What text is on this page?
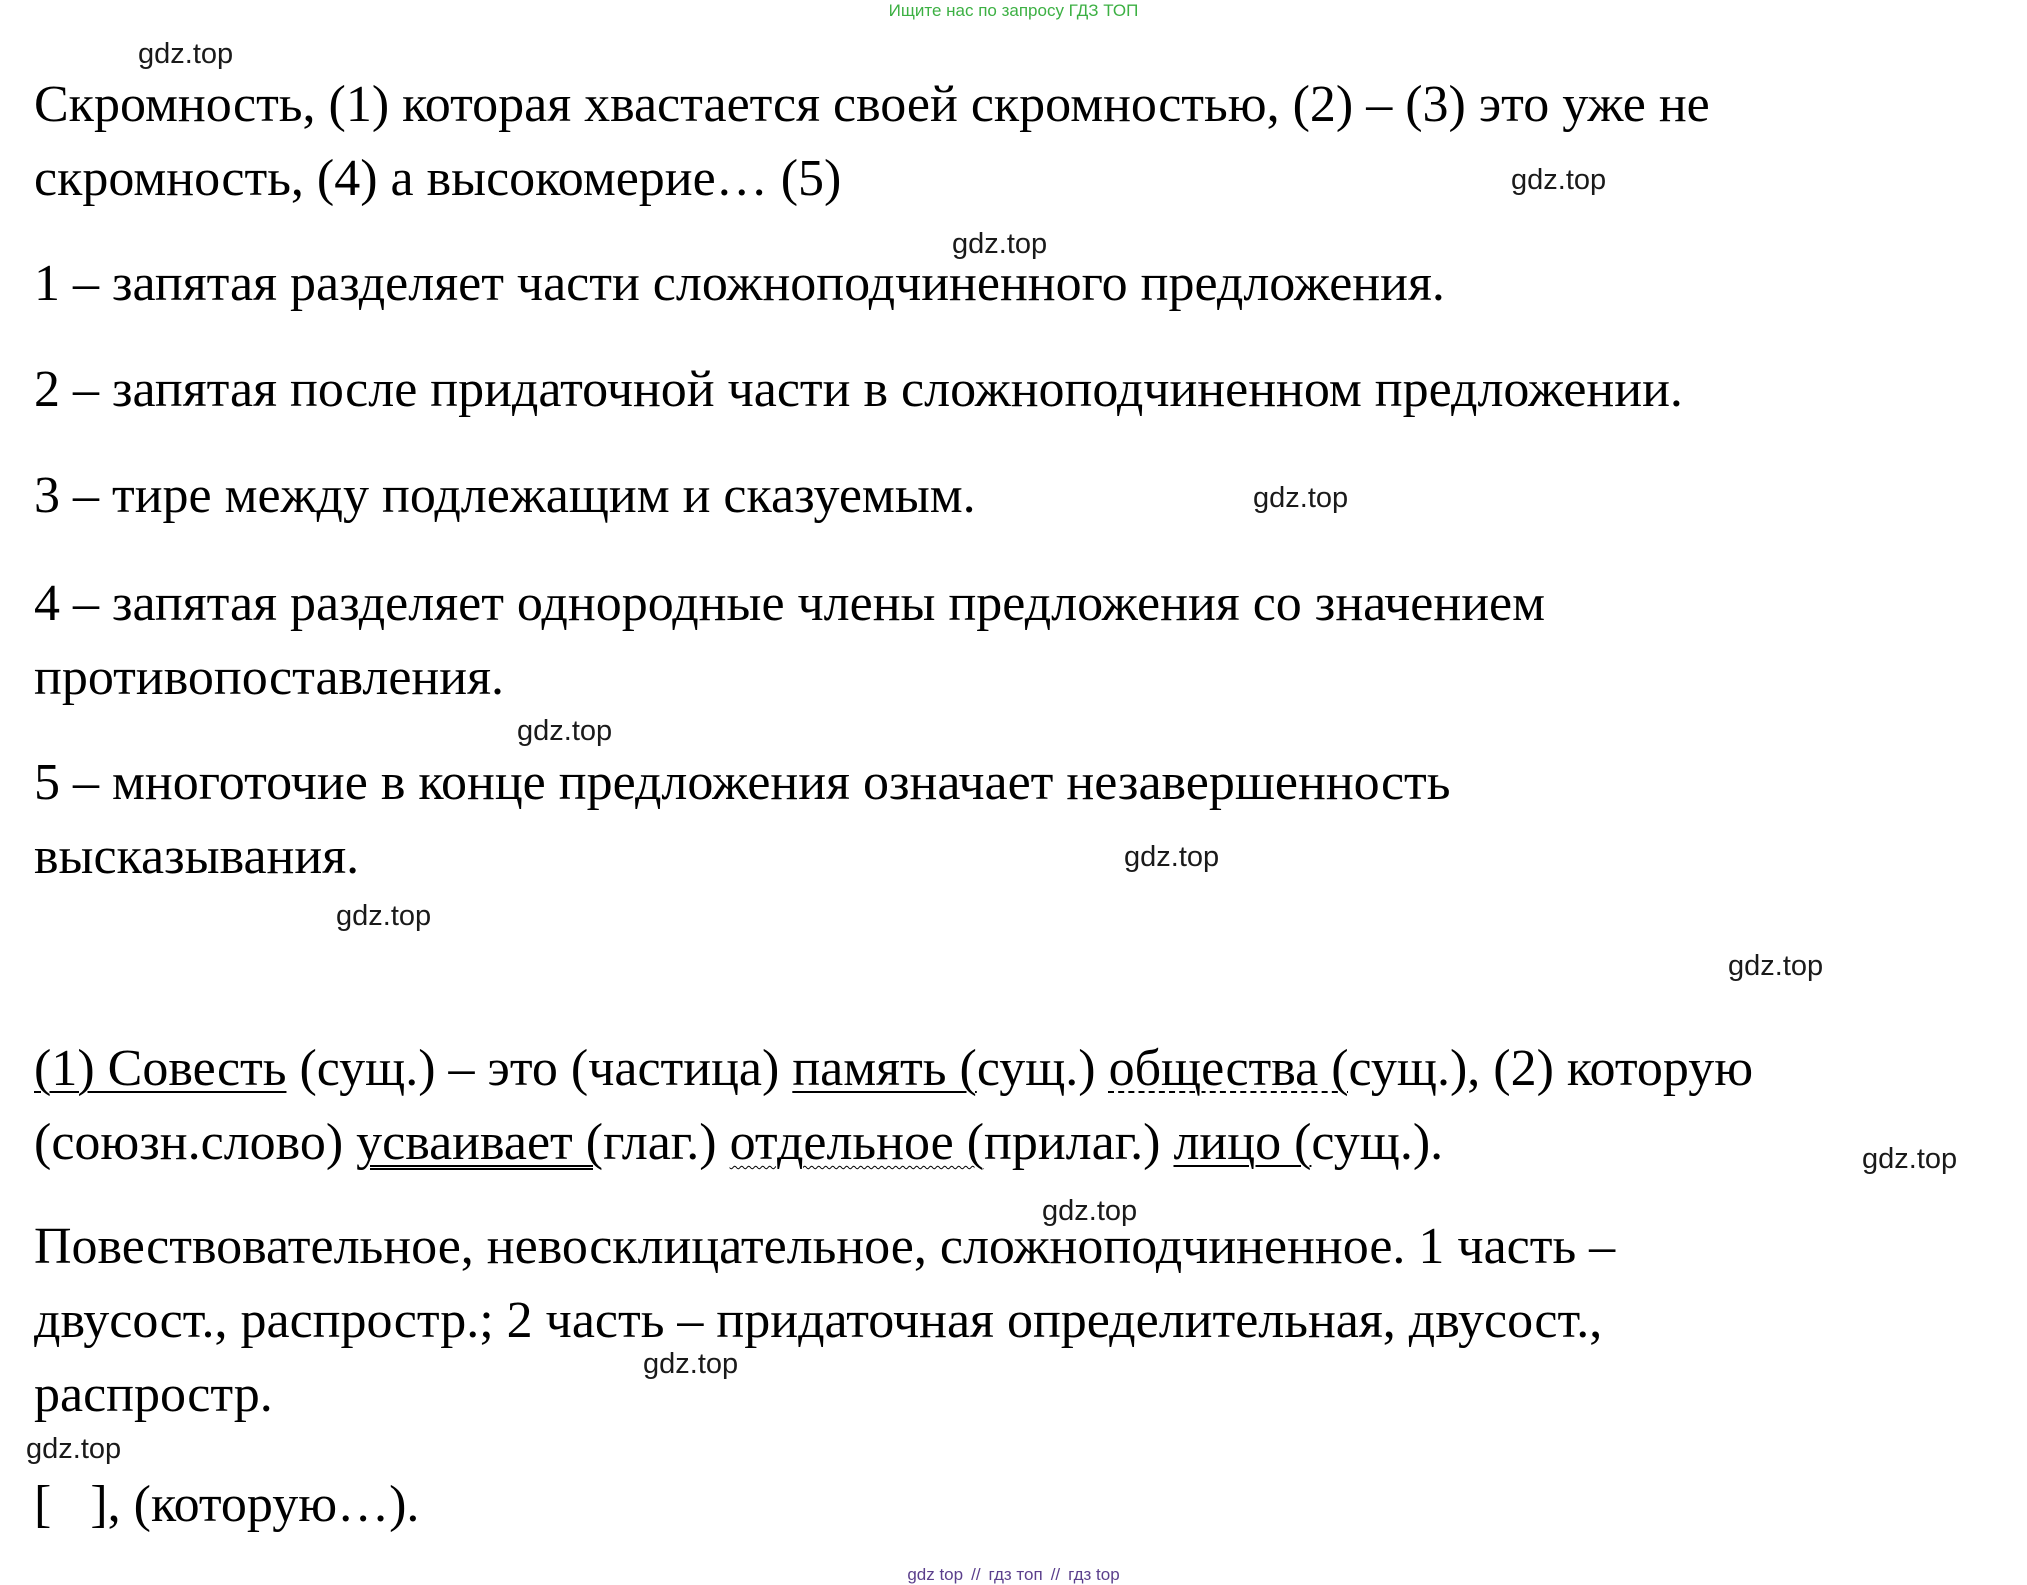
Ищите нас по запросу ГДЗ ТОП
gdz.top
gdz.top
gdz.top
gdz.top
gdz.top
gdz.top
gdz.top
gdz.top
gdz.top
gdz.top
gdz.top
gdz.top
Скромность, (1) которая хвастается своей скромностью, (2) – (3) это уже не
скромность, (4) а высокомерие… (5)
1 – запятая разделяет части сложноподчиненного предложения.
2 – запятая после придаточной части в сложноподчиненном предложении.
3 – тире между подлежащим и сказуемым.
4 – запятая разделяет однородные члены предложения со значением
противопоставления.
5 – многоточие в конце предложения означает незавершенность
высказывания.
(1) Совесть (сущ.) – это (частица) память (сущ.) общества (сущ.), (2) которую
(союзн.слово) усваивает (глаг.) отдельное (прилаг.) лицо (сущ.).
Повествовательное, невосклицательное, сложноподчиненное. 1 часть –
двусост., распростр.; 2 часть – придаточная определительная, двусост.,
распростр.
[   ], (которую…).
gdz top // гдз топ // гдз top
